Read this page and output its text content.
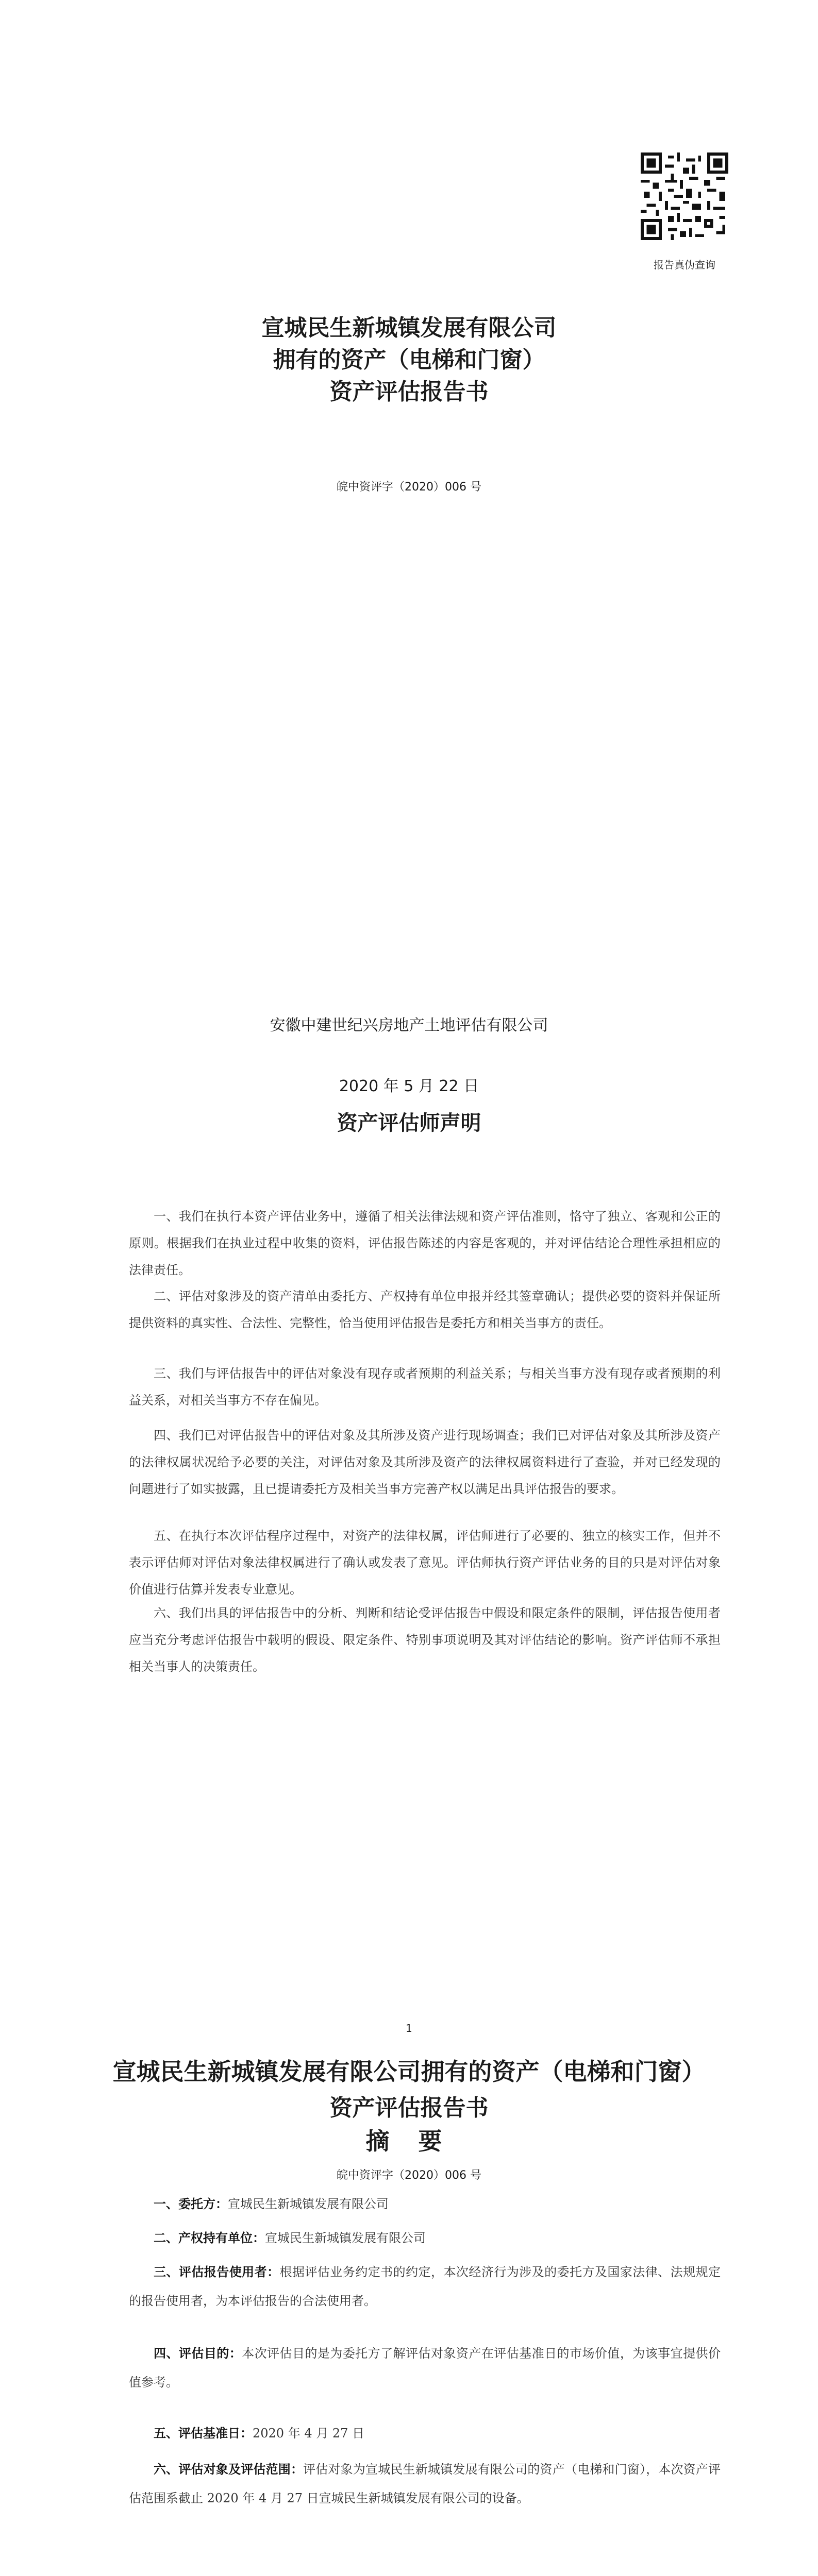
报告真伪查询
宣城民生新城镇发展有限公司
拥有的资产（电梯和门窗）
资产评估报告书
皖中资评字（2020）006 号
安徽中建世纪兴房地产土地评估有限公司
2020 年 5 月 22 日
资产评估师声明
一、我们在执行本资产评估业务中，遵循了相关法律法规和资产评估准则，恪守了独立、客观和公正的原则。根据我们在执业过程中收集的资料，评估报告陈述的内容是客观的，并对评估结论合理性承担相应的法律责任。
二、评估对象涉及的资产清单由委托方、产权持有单位申报并经其签章确认；提供必要的资料并保证所提供资料的真实性、合法性、完整性，恰当使用评估报告是委托方和相关当事方的责任。
三、我们与评估报告中的评估对象没有现存或者预期的利益关系；与相关当事方没有现存或者预期的利益关系，对相关当事方不存在偏见。
四、我们已对评估报告中的评估对象及其所涉及资产进行现场调查；我们已对评估对象及其所涉及资产的法律权属状况给予必要的关注，对评估对象及其所涉及资产的法律权属资料进行了查验，并对已经发现的问题进行了如实披露，且已提请委托方及相关当事方完善产权以满足出具评估报告的要求。
五、在执行本次评估程序过程中，对资产的法律权属，评估师进行了必要的、独立的核实工作，但并不表示评估师对评估对象法律权属进行了确认或发表了意见。评估师执行资产评估业务的目的只是对评估对象价值进行估算并发表专业意见。
六、我们出具的评估报告中的分析、判断和结论受评估报告中假设和限定条件的限制，评估报告使用者应当充分考虑评估报告中载明的假设、限定条件、特别事项说明及其对评估结论的影响。资产评估师不承担相关当事人的决策责任。
1
宣城民生新城镇发展有限公司拥有的资产（电梯和门窗）
资产评估报告书
摘 要
皖中资评字（2020）006 号
一、委托方：宣城民生新城镇发展有限公司
二、产权持有单位：宣城民生新城镇发展有限公司
三、评估报告使用者：根据评估业务约定书的约定，本次经济行为涉及的委托方及国家法律、法规规定的报告使用者，为本评估报告的合法使用者。
四、评估目的：本次评估目的是为委托方了解评估对象资产在评估基准日的市场价值，为该事宜提供价值参考。
五、评估基准日：2020 年 4 月 27 日
六、评估对象及评估范围：评估对象为宣城民生新城镇发展有限公司的资产（电梯和门窗），本次资产评估范围系截止 2020 年 4 月 27 日宣城民生新城镇发展有限公司的设备。
